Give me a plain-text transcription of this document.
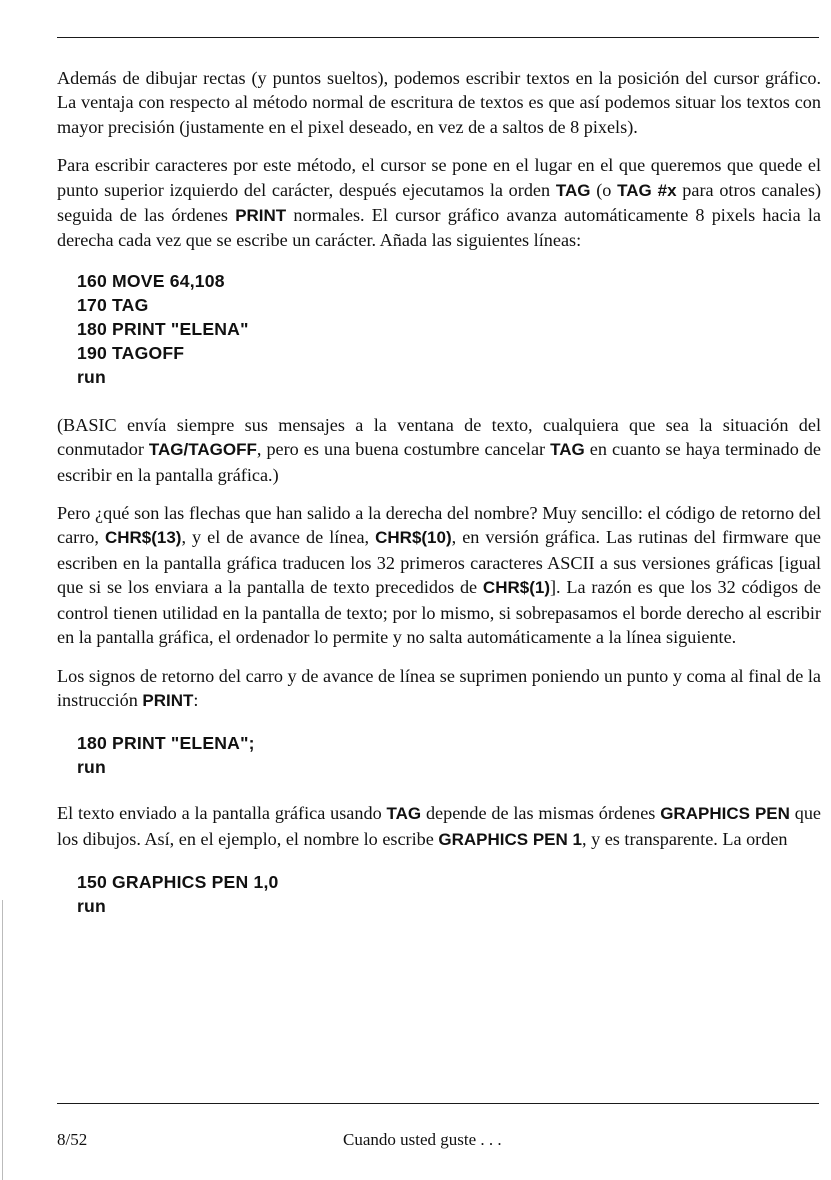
Además de dibujar rectas (y puntos sueltos), podemos escribir textos en la posición del cursor gráfico. La ventaja con respecto al método normal de escritura de textos es que así podemos situar los textos con mayor precisión (justamente en el pixel deseado, en vez de a saltos de 8 pixels).

Para escribir caracteres por este método, el cursor se pone en el lugar en el que queremos que quede el punto superior izquierdo del carácter, después ejecutamos la orden TAG (o TAG #x para otros canales) seguida de las órdenes PRINT normales. El cursor gráfico avanza automáticamente 8 pixels hacia la derecha cada vez que se escribe un carácter. Añada las siguientes líneas:

160 MOVE 64,108
170 TAG
180 PRINT "ELENA"
190 TAGOFF
run

(BASIC envía siempre sus mensajes a la ventana de texto, cualquiera que sea la situación del conmutador TAG/TAGOFF, pero es una buena costumbre cancelar TAG en cuanto se haya terminado de escribir en la pantalla gráfica.)

Pero ¿qué son las flechas que han salido a la derecha del nombre? Muy sencillo: el código de retorno del carro, CHR$(13), y el de avance de línea, CHR$(10), en versión gráfica. Las rutinas del firmware que escriben en la pantalla gráfica traducen los 32 primeros caracteres ASCII a sus versiones gráficas [igual que si se los enviara a la pantalla de texto precedidos de CHR$(1)]. La razón es que los 32 códigos de control tienen utilidad en la pantalla de texto; por lo mismo, si sobrepasamos el borde derecho al escribir en la pantalla gráfica, el ordenador lo permite y no salta automáticamente a la línea siguiente.

Los signos de retorno del carro y de avance de línea se suprimen poniendo un punto y coma al final de la instrucción PRINT:

180 PRINT "ELENA";
run

El texto enviado a la pantalla gráfica usando TAG depende de las mismas órdenes GRAPHICS PEN que los dibujos. Así, en el ejemplo, el nombre lo escribe GRAPHICS PEN 1, y es transparente. La orden

150 GRAPHICS PEN 1,0
run
8/52	Cuando usted guste . . .
